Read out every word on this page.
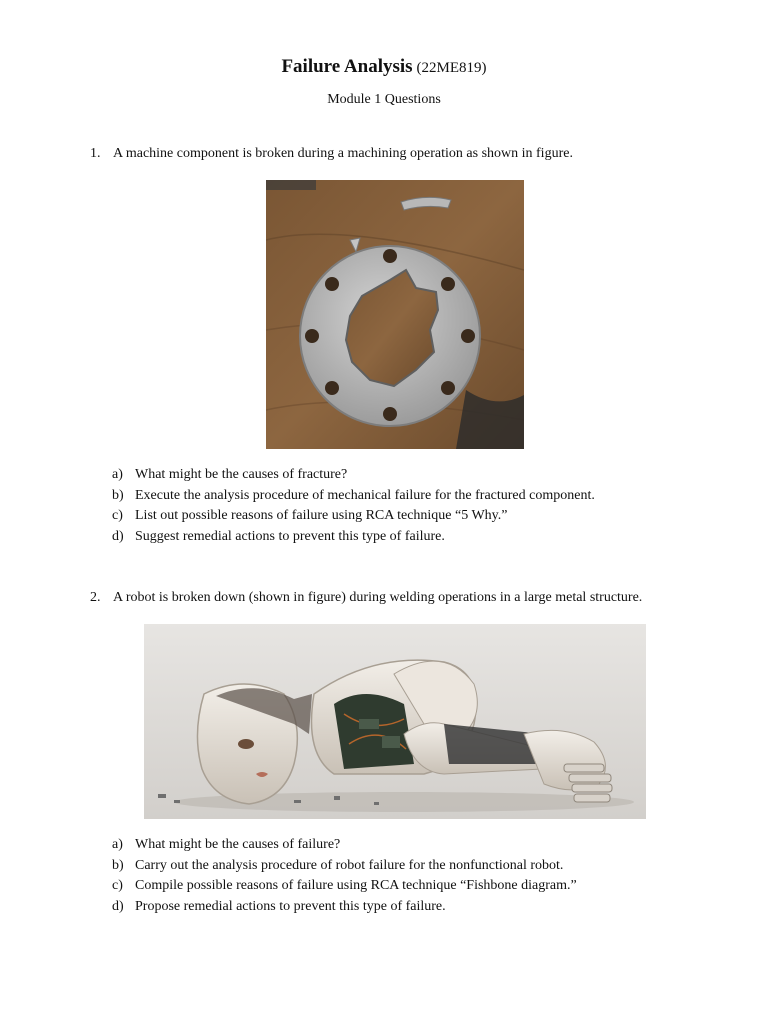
Failure Analysis (22ME819)
Module 1 Questions
1. A machine component is broken during a machining operation as shown in figure.
a) What might be the causes of fracture?
b) Execute the analysis procedure of mechanical failure for the fractured component.
c) List out possible reasons of failure using RCA technique “5 Why.”
d) Suggest remedial actions to prevent this type of failure.
2. A robot is broken down (shown in figure) during welding operations in a large metal structure.
a) What might be the causes of failure?
b) Carry out the analysis procedure of robot failure for the nonfunctional robot.
c) Compile possible reasons of failure using RCA technique “Fishbone diagram.”
d) Propose remedial actions to prevent this type of failure.
